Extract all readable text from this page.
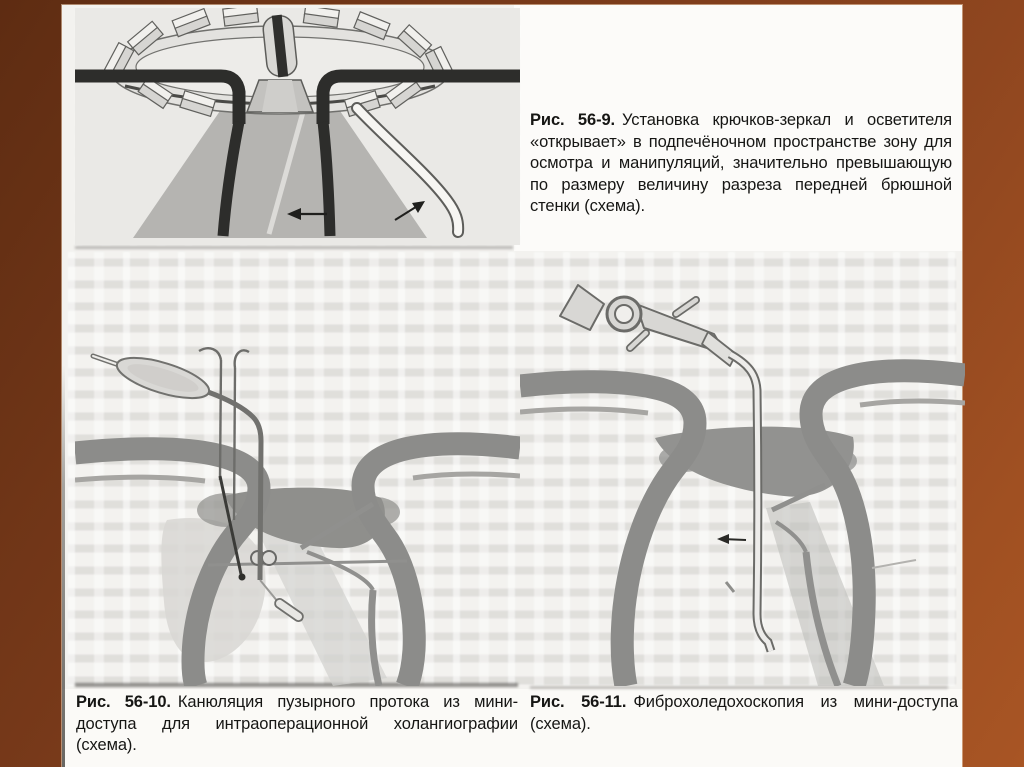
Рис. 56-9. Установка крючков-зеркал и осветителя «открывает» в подпечёночном пространстве зону для осмотра и манипуляций, значительно превышающую по размеру величину разреза передней брюшной стенки (схема).

Рис. 56-10. Канюляция пузырного протока из мини-доступа для интраоперационной холангиографии (схема).

Рис. 56-11. Фиброхоледохоскопия из мини-доступа (схема).
